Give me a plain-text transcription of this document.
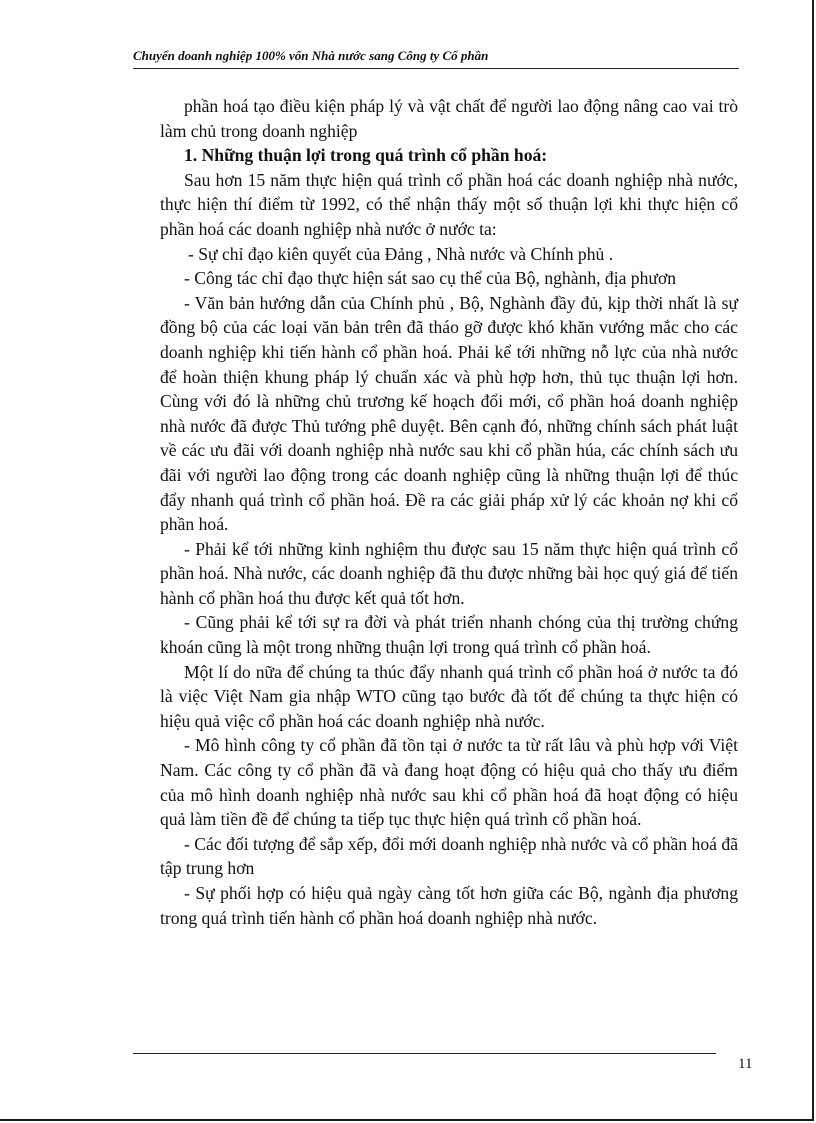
Chuyển doanh nghiệp 100% vốn Nhà nước sang Công ty Cổ phần

phần hoá tạo điều kiện pháp lý và vật chất để người lao động nâng cao vai trò làm chủ trong doanh nghiệp

1. Những thuận lợi trong quá trình cổ phần hoá:

Sau hơn 15 năm thực hiện quá trình cổ phần hoá các doanh nghiệp nhà nước, thực hiện thí điểm từ 1992, có thể nhận thấy một số thuận lợi khi thực hiện cổ phần hoá các doanh nghiệp nhà nước ở nước ta:

- Sự chỉ đạo kiên quyết của Đảng , Nhà nước và Chính phủ .

- Công tác chỉ đạo thực hiện sát sao cụ thể của Bộ, nghành, địa phươn

- Văn bản hướng dẫn của Chính phủ , Bộ, Nghành đầy đủ, kịp thời nhất là sự đồng bộ của các loại văn bản trên đã tháo gỡ được khó khăn vướng mắc cho các doanh nghiệp khi tiến hành cổ phần hoá. Phải kể tới những nỗ lực của nhà nước để hoàn thiện khung pháp lý chuẩn xác và phù hợp hơn, thủ tục thuận lợi hơn. Cùng với đó là những chủ trương kế hoạch đổi mới, cổ phần hoá doanh nghiệp nhà nước đã được Thủ tướng phê duyệt. Bên cạnh đó, những chính sách phát luật về các ưu đãi với doanh nghiệp nhà nước sau khi cổ phần húa, các chính sách ưu đãi với người lao động trong các doanh nghiệp cũng là những thuận lợi để thúc đẩy nhanh quá trình cổ phần hoá. Đề ra các giải pháp xử lý các khoản nợ khi cổ phần hoá.

- Phải kể tới những kinh nghiệm thu được sau 15 năm thực hiện quá trình cổ phần hoá. Nhà nước, các doanh nghiệp đã thu được những bài học quý giá để tiến hành cổ phần hoá thu được kết quả tốt hơn.

- Cũng phải kể tới sự ra đời và phát triển nhanh chóng của thị trường chứng khoán cũng là một trong những thuận lợi trong quá trình cổ phần hoá.

Một lí do nữa để chúng ta thúc đẩy nhanh quá trình cổ phần hoá ở nước ta đó là việc Việt Nam gia nhập WTO cũng tạo bước đà tốt để chúng ta thực hiện có hiệu quả việc cổ phần hoá các doanh nghiệp nhà nước.

- Mô hình công ty cổ phần đã tồn tại ở nước ta từ rất lâu và phù hợp với Việt Nam. Các công ty cổ phần đã và đang hoạt động có hiệu quả cho thấy ưu điểm của mô hình doanh nghiệp nhà nước sau khi cổ phần hoá đã hoạt động có hiệu quả làm tiền đề để chúng ta tiếp tục thực hiện quá trình cổ phần hoá.

- Các đối tượng để sắp xếp, đổi mới doanh nghiệp nhà nước và cổ phần hoá đã tập trung hơn

- Sự phối hợp có hiệu quả ngày càng tốt hơn giữa các Bộ, ngành địa phương trong quá trình tiến hành cổ phần hoá doanh nghiệp nhà nước.

11
